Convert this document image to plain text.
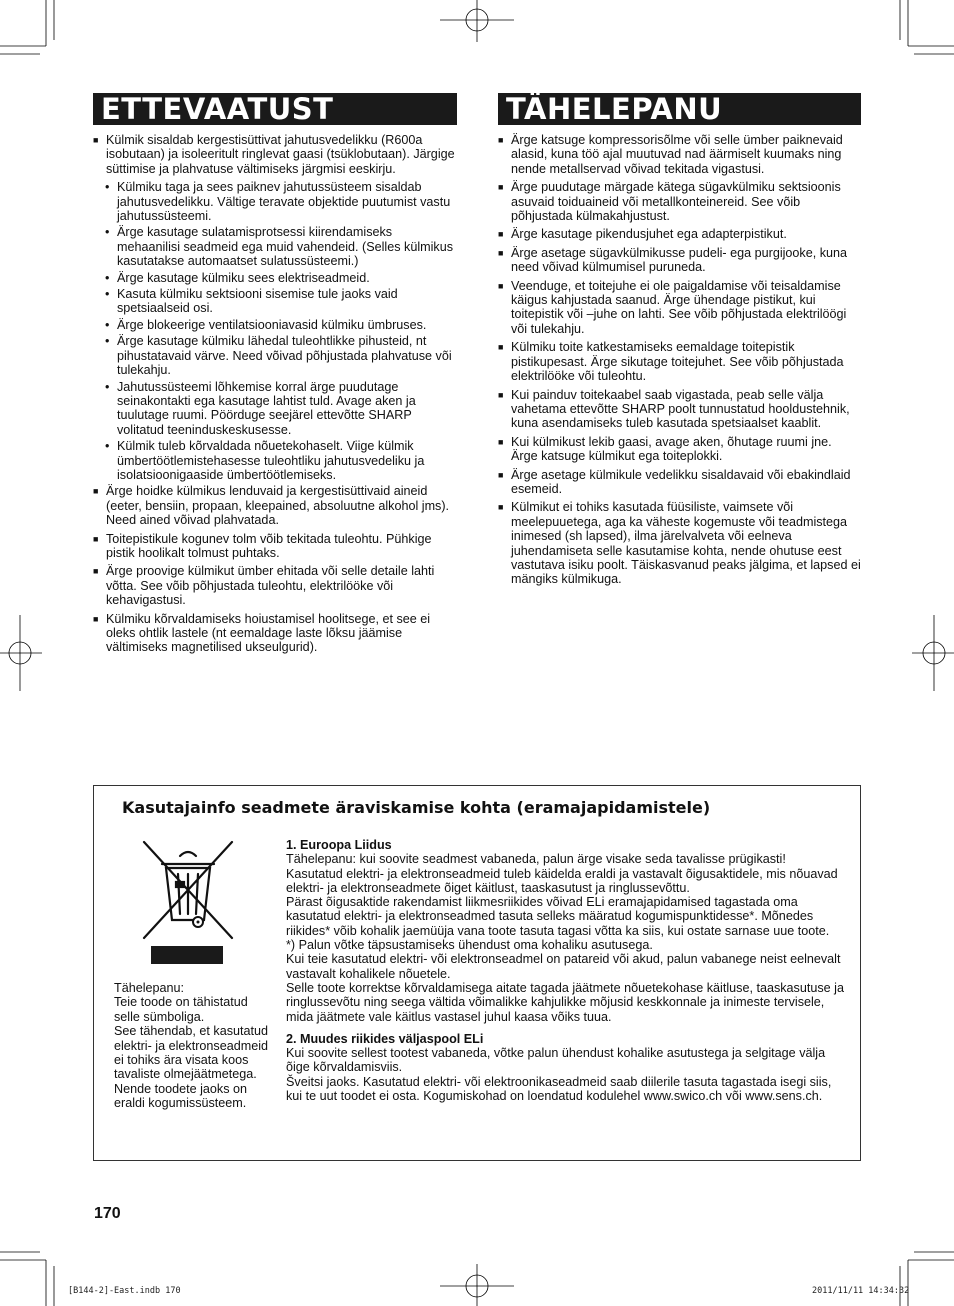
ETTEVAATUST	TÄHELEPANU
■ Külmik sisaldab kergestisüttivat jahutusvedelikku (R600a isobutaan) ja isoleeritult ringlevat gaasi (tsüklobutaan). Järgige süttimise ja plahvatuse vältimiseks järgmisi eeskirju.

• Külmiku taga ja sees paiknev jahutussüsteem sisaldab jahutusvedelikku. Vältige teravate objektide puutumist vastu jahutussüsteemi.

• Ärge kasutage sulatamisprotsessi kiirendamiseks mehaanilisi seadmeid ega muid vahendeid. (Selles külmikus kasutatakse automaatset sulatussüsteemi.)

• Ärge kasutage külmiku sees elektriseadmeid.

• Kasuta külmiku sektsiooni sisemise tule jaoks vaid spetsiaalseid osi.

• Ärge blokeerige ventilatsiooniavasid külmiku ümbruses.

• Ärge kasutage külmiku lähedal tuleohtlikke pihusteid, nt pihustatavaid värve. Need võivad põhjustada plahvatuse või tulekahju.

• Jahutussüsteemi lõhkemise korral ärge puudutage seinakontakti ega kasutage lahtist tuld. Avage aken ja tuulutage ruumi. Pöörduge seejärel ettevõtte SHARP volitatud teeninduskeskusesse.

• Külmik tuleb kõrvaldada nõuetekohaselt. Viige külmik ümbertöötlemistehasesse tuleohtliku jahutusvedeliku ja isolatsioonigaaside ümbertöötlemiseks.

■ Ärge hoidke külmikus lenduvaid ja kergestisüttivaid aineid (eeter, bensiin, propaan, kleepained, absoluutne alkohol jms). Need ained võivad plahvatada.

■ Toitepistikule kogunev tolm võib tekitada tuleohtu. Pühkige pistik hoolikalt tolmust puhtaks.

■ Ärge proovige külmikut ümber ehitada või selle detaile lahti võtta. See võib põhjustada tuleohtu, elektrilööke või kehavigastusi.

■ Külmiku kõrvaldamiseks hoiustamisel hoolitsege, et see ei oleks ohtlik lastele (nt eemaldage laste lõksu jäämise vältimiseks magnetilised ukseulgurid).

■ Ärge katsuge kompressorisõlme või selle ümber paiknevaid alasid, kuna töö ajal muutuvad nad äärmiselt kuumaks ning nende metallservad võivad tekitada vigastusi.

■ Ärge puudutage märgade kätega sügavkülmiku sektsioonis asuvaid toiduaineid või metallkonteinereid. See võib põhjustada külmakahjustust.

■ Ärge kasutage pikendusjuhet ega adapterpistikut.

■ Ärge asetage sügavkülmikusse pudeli- ega purgijooke, kuna need võivad külmumisel puruneda.

■ Veenduge, et toitejuhe ei ole paigaldamise või teisaldamise käigus kahjustada saanud. Ärge ühendage pistikut, kui toitepistik või –juhe on lahti. See võib põhjustada elektrilöögi või tulekahju.

■ Külmiku toite katkestamiseks eemaldage toitepistik pistikupesast. Ärge sikutage toitejuhet. See võib põhjustada elektrilööke või tuleohtu.

■ Kui painduv toitekaabel saab vigastada, peab selle välja vahetama ettevõtte SHARP poolt tunnustatud hooldustehnik, kuna asendamiseks tuleb kasutada spetsiaalset kaablit.

■ Kui külmikust lekib gaasi, avage aken, õhutage ruumi jne. Ärge katsuge külmikut ega toiteplokki.

■ Ärge asetage külmikule vedelikku sisaldavaid või ebakindlaid esemeid.

■ Külmikut ei tohiks kasutada füüsiliste, vaimsete või meelepuuetega, aga ka väheste kogemuste või teadmistega inimesed (sh lapsed), ilma järelvalveta või eelneva juhendamiseta selle kasutamise kohta, nende ohutuse eest vastutava isiku poolt. Täiskasvanud peaks jälgima, et lapsed ei mängiks külmikuga.

Kasutajainfo seadmete äraviskamise kohta (eramajapidamistele)

Tähelepanu:
Teie toode on tähistatud selle sümboliga.
See tähendab, et kasutatud elektri- ja elektronseadmeid ei tohiks ära visata koos tavaliste olmejäätmetega. Nende toodete jaoks on eraldi kogumissüsteem.

1. Euroopa Liidus

Tähelepanu: kui soovite seadmest vabaneda, palun ärge visake seda tavalisse prügikasti!
Kasutatud elektri- ja elektronseadmeid tuleb käidelda eraldi ja vastavalt õigusaktidele, mis nõuavad elektri- ja elektronseadmete õiget käitlust, taaskasutust ja ringlussevõttu.
Pärast õigusaktide rakendamist liikmesriikides võivad ELi eramajapidamised tagastada oma kasutatud elektri- ja elektronseadmed tasuta selleks määratud kogumispunktidesse*. Mõnedes riikides* võib kohalik jaemüüja vana toote tasuta tagasi võtta ka siis, kui ostate sarnase uue toote.
*) Palun võtke täpsustamiseks ühendust oma kohaliku asutusega.
Kui teie kasutatud elektri- või elektronseadmel on patareid või akud, palun vabanege neist eelnevalt vastavalt kohalikele nõuetele.
Selle toote korrektse kõrvaldamisega aitate tagada jäätmete nõuetekohase käitluse, taaskasutuse ja ringlussevõtu ning seega vältida võimalikke kahjulikke mõjusid keskkonnale ja inimeste tervisele, mida jäätmete vale käitlus vastasel juhul kaasa võiks tuua.

2. Muudes riikides väljaspool ELi

Kui soovite sellest tootest vabaneda, võtke palun ühendust kohalike asutustega ja selgitage välja õige kõrvaldamisviis.
Šveitsi jaoks. Kasutatud elektri- või elektroonikaseadmeid saab diilerile tasuta tagastada isegi siis, kui te uut toodet ei osta. Kogumiskohad on loendatud kodulehel www.swico.ch või www.sens.ch.

170
[B144-2]-East.indb 170	2011/11/11 14:34:32
